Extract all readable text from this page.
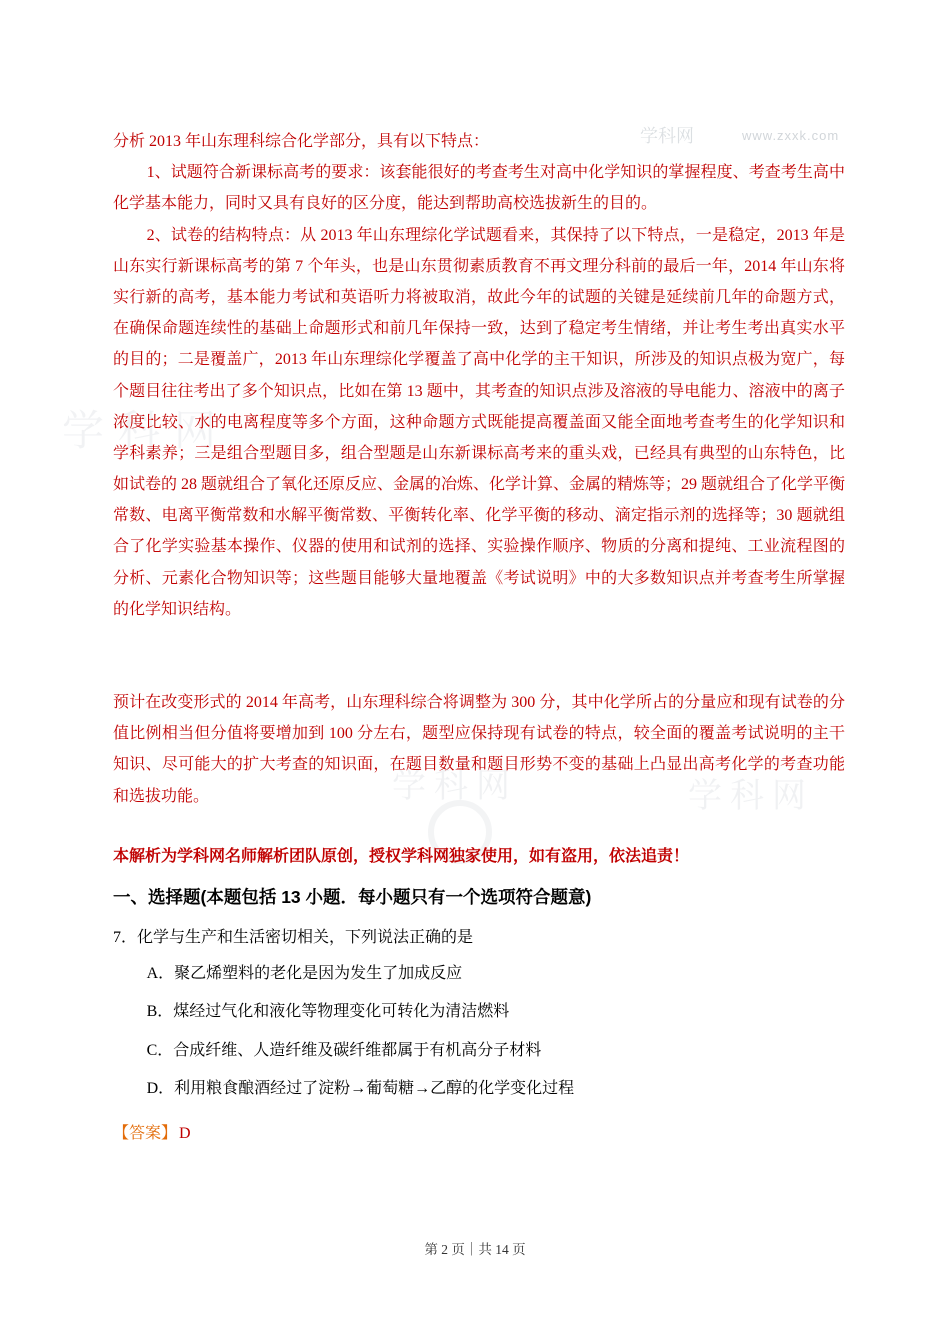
学科网	www.zxxk.com
学科网
学科网	学科网

分析 2013 年山东理科综合化学部分，具有以下特点：

1、试题符合新课标高考的要求：该套能很好的考查考生对高中化学知识的掌握程度、考查考生高中化学基本能力，同时又具有良好的区分度，能达到帮助高校选拔新生的目的。

2、试卷的结构特点：从 2013 年山东理综化学试题看来，其保持了以下特点，一是稳定，2013 年是山东实行新课标高考的第 7 个年头，也是山东贯彻素质教育不再文理分科前的最后一年，2014 年山东将实行新的高考，基本能力考试和英语听力将被取消，故此今年的试题的关键是延续前几年的命题方式，在确保命题连续性的基础上命题形式和前几年保持一致，达到了稳定考生情绪，并让考生考出真实水平的目的；二是覆盖广，2013 年山东理综化学覆盖了高中化学的主干知识，所涉及的知识点极为宽广，每个题目往往考出了多个知识点，比如在第 13 题中，其考查的知识点涉及溶液的导电能力、溶液中的离子浓度比较、水的电离程度等多个方面，这种命题方式既能提高覆盖面又能全面地考查考生的化学知识和学科素养；三是组合型题目多，组合型题是山东新课标高考来的重头戏，已经具有典型的山东特色，比如试卷的 28 题就组合了氧化还原反应、金属的冶炼、化学计算、金属的精炼等；29 题就组合了化学平衡常数、电离平衡常数和水解平衡常数、平衡转化率、化学平衡的移动、滴定指示剂的选择等；30 题就组合了化学实验基本操作、仪器的使用和试剂的选择、实验操作顺序、物质的分离和提纯、工业流程图的分析、元素化合物知识等；这些题目能够大量地覆盖《考试说明》中的大多数知识点并考查考生所掌握的化学知识结构。

预计在改变形式的 2014 年高考，山东理科综合将调整为 300 分，其中化学所占的分量应和现有试卷的分值比例相当但分值将要增加到 100 分左右，题型应保持现有试卷的特点，较全面的覆盖考试说明的主干知识、尽可能大的扩大考查的知识面，在题目数量和题目形势不变的基础上凸显出高考化学的考查功能和选拔功能。

本解析为学科网名师解析团队原创，授权学科网独家使用，如有盗用，依法追责！

一、选择题(本题包括 13 小题．每小题只有一个选项符合题意)

7．化学与生产和生活密切相关，下列说法正确的是

A．聚乙烯塑料的老化是因为发生了加成反应

B．煤经过气化和液化等物理变化可转化为清洁燃料

C．合成纤维、人造纤维及碳纤维都属于有机高分子材料

D．利用粮食酿酒经过了淀粉→葡萄糖→乙醇的化学变化过程

【答案】 D

第 2 页｜共 14 页
